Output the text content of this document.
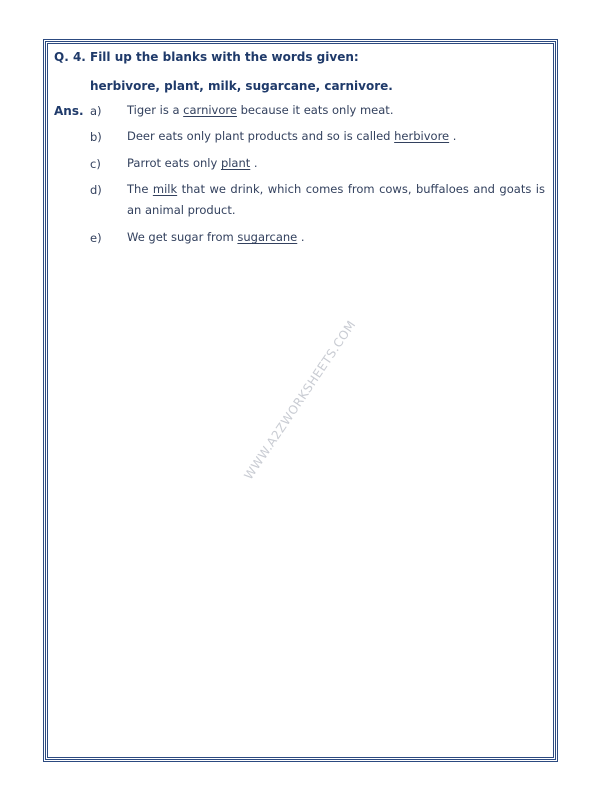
Q. 4. Fill up the blanks with the words given:
herbivore, plant, milk, sugarcane, carnivore.
Ans. a) Tiger is a carnivore because it eats only meat.
b) Deer eats only plant products and so is called herbivore .
c) Parrot eats only plant .
d) The milk that we drink, which comes from cows, buffaloes and goats is an animal product.
e) We get sugar from sugarcane .
WWW.A2ZWORKSHEETS.COM
